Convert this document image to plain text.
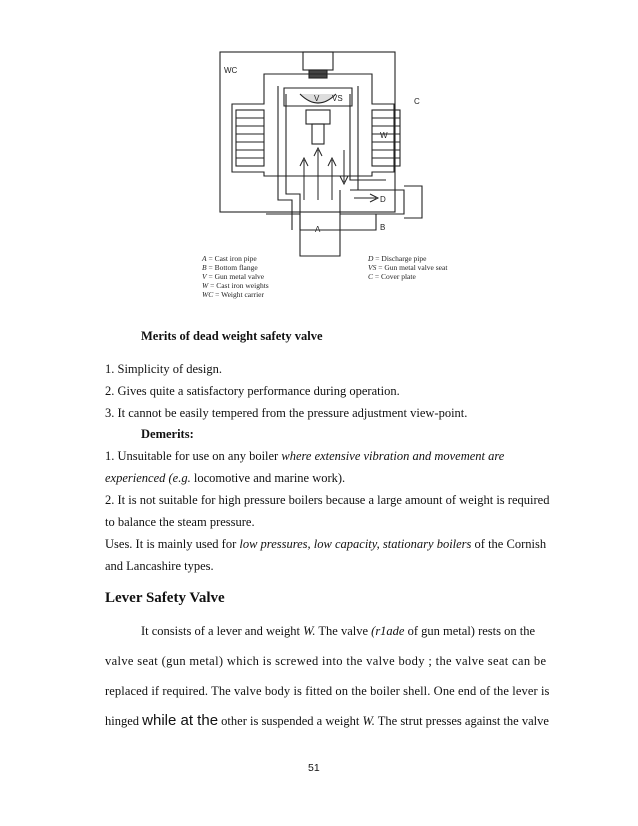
WC
V VS	C
W
D
A	B
A = Cast iron pipe
B = Bottom flange
V = Gun metal valve
W = Cast iron weights
WC = Weight carrier
D = Discharge pipe
VS = Gun metal valve seat
C = Cover plate
Merits of dead weight safety valve
1. Simplicity of design.
2. Gives quite a satisfactory performance during operation.
3. It cannot be easily tempered from the pressure adjustment view-point.
Demerits:
1. Unsuitable for use on any boiler where extensive vibration and movement are
experienced (e.g. locomotive and marine work).
2. It is not suitable for high pressure boilers because a large amount of weight is required
to balance the steam pressure.
Uses. It is mainly used for low pressures, low capacity, stationary boilers of the Cornish
and Lancashire types.
Lever Safety Valve
It consists of a lever and weight W. The valve (r1ade of gun metal) rests on the
valve seat (gun metal) which is screwed into the valve body ; the valve seat can be
replaced if required. The valve body is fitted on the boiler shell. One end of the lever is
hinged while at the other is suspended a weight W. The strut presses against the valve
51
